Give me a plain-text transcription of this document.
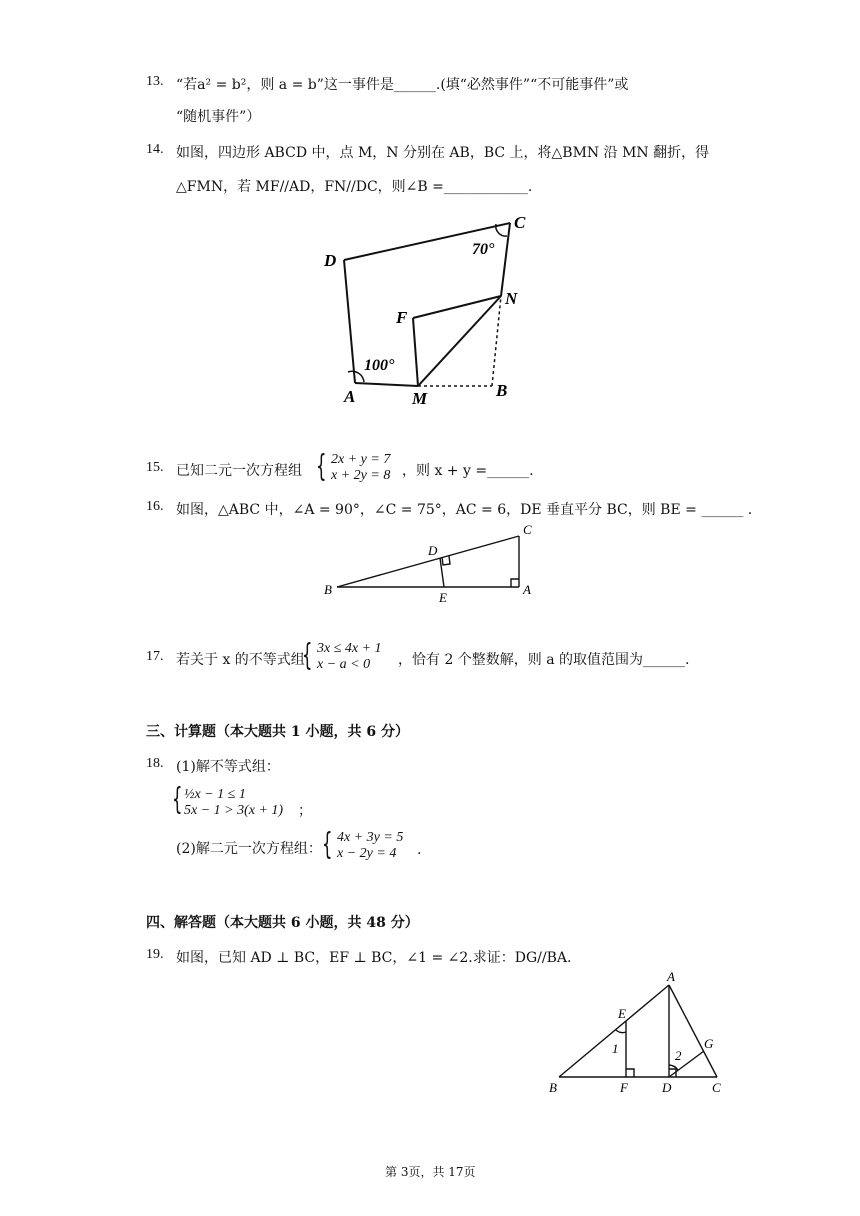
13. “若a² = b²，则 a = b”这一事件是______.(填“必然事件”“不可能事件”或
“随机事件”）
14. 如图，四边形 ABCD 中，点 M，N 分别在 AB，BC 上，将△BMN 沿 MN 翻折，得
△FMN，若 MF//AD，FN//DC，则∠B =____________.
D
C
A	M	B
F
N
70°
100°
15. 已知二元一次方程组 { 2x + y = 7
x + 2y = 8 ，则 x + y =______.
16. 如图，△ABC 中，∠A = 90°，∠C = 75°，AC = 6，DE 垂直平分 BC，则 BE = ______ .
C
D
B
E
A
17. 若关于 x 的不等式组
{ 3x ≤ 4x + 1
x − a < 0	，恰有 2 个整数解，则 a 的取值范围为______.
三、计算题（本大题共 1 小题，共 6 分）
18. (1)解不等式组：
{ ½x − 1 ≤ 1
5x − 1 > 3(x + 1) ；
(2)解二元一次方程组： { 4x + 3y = 5
x − 2y = 4	.
四、解答题（本大题共 6 小题，共 48 分）
19. 如图，已知 AD ⊥ BC，EF ⊥ BC，∠1 = ∠2.求证：DG//BA.
A
E
G
B	F	D	C
1	2
第 3页，共 17页
